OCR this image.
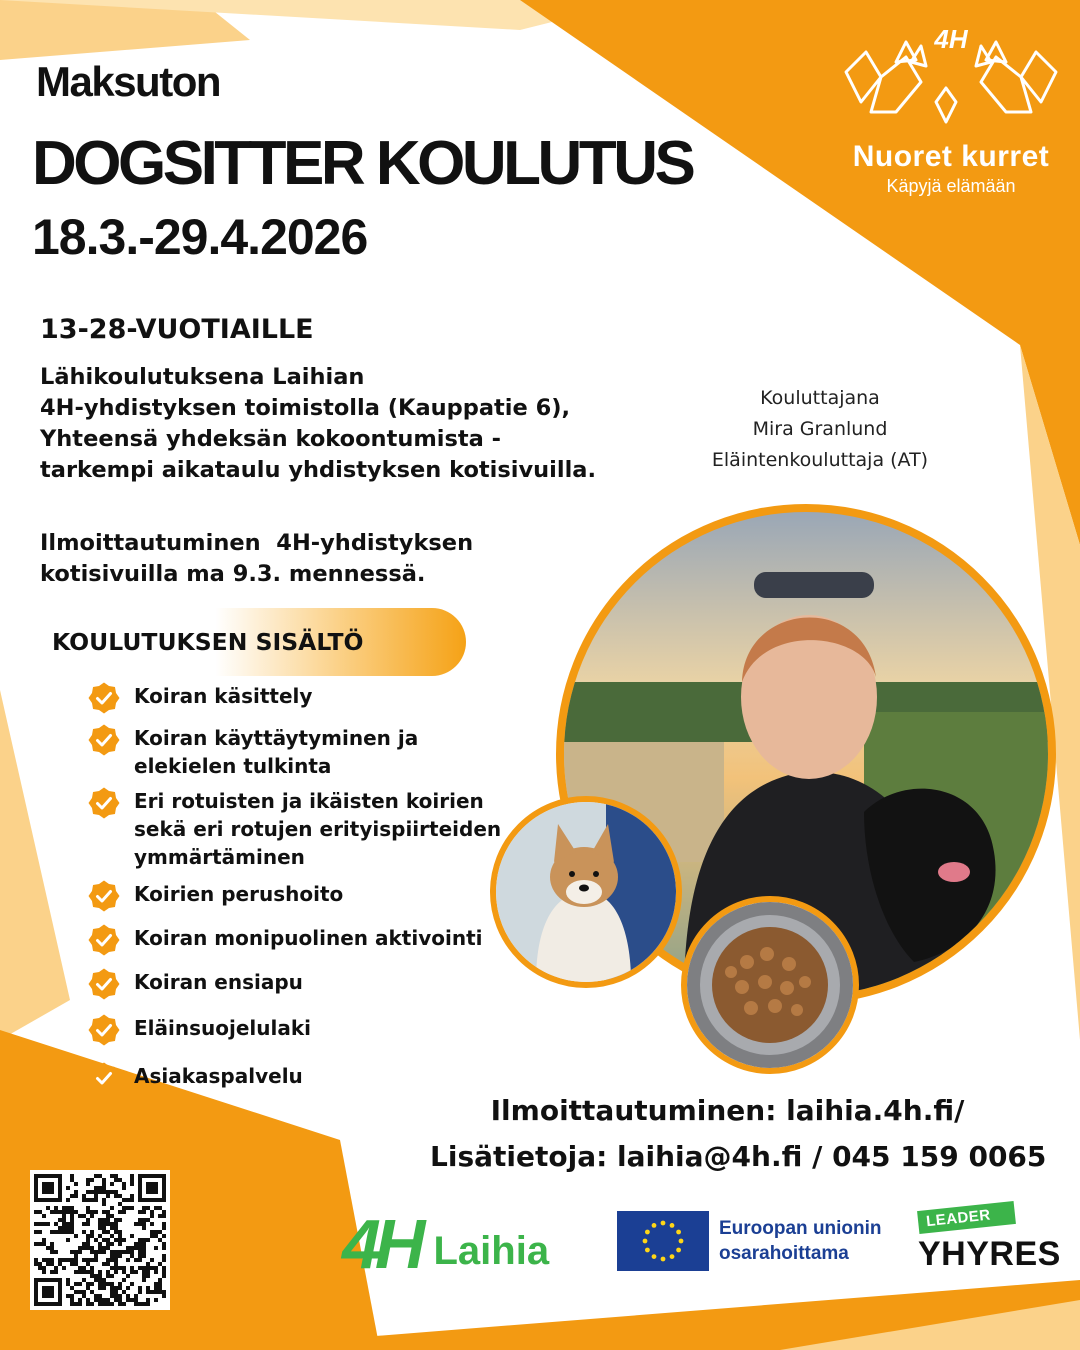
Maksuton
DOGSITTER KOULUTUS
18.3.-29.4.2026
4H
Nuoret kurret
Käpyjä elämään
13-28-VUOTIAILLE
Lähikoulutuksena Laihian
4H-yhdistyksen toimistolla (Kauppatie 6),
Yhteensä yhdeksän kokoontumista -
tarkempi aikataulu yhdistyksen kotisivuilla.
Ilmoittautuminen  4H-yhdistyksen
kotisivuilla ma 9.3. mennessä.
Kouluttajana
Mira Granlund
Eläintenkouluttaja (AT)
KOULUTUKSEN SISÄLTÖ
Koiran käsittely
Koiran käyttäytyminen ja
elekielen tulkinta
Eri rotuisten ja ikäisten koirien
sekä eri rotujen erityispiirteiden
ymmärtäminen
Koirien perushoito
Koiran monipuolinen aktivointi
Koiran ensiapu
Eläinsuojelulaki
Asiakaspalvelu
Ilmoittautuminen: laihia.4h.fi/
Lisätietoja: laihia@4h.fi / 045 159 0065
4H Laihia	Euroopan unionin
osarahoittama
LEADER
YHYRES
